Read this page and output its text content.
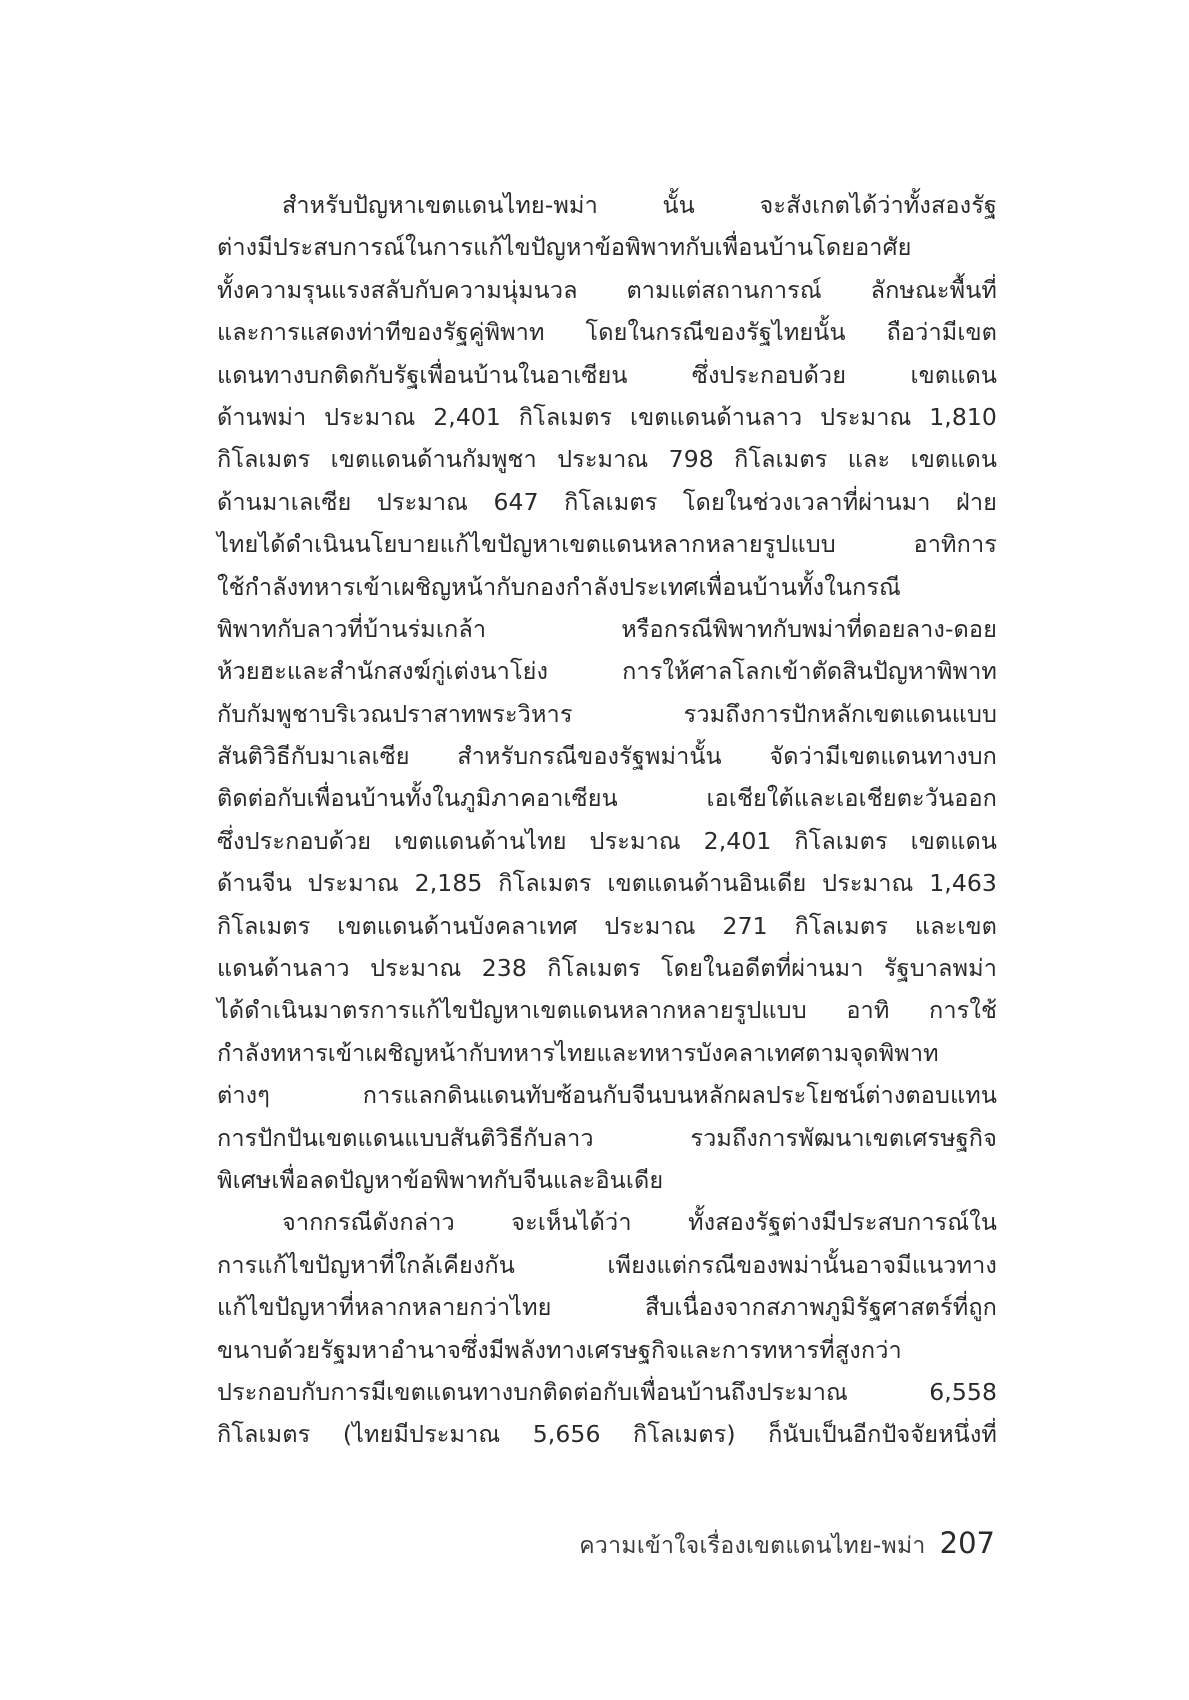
สำหรับปัญหาเขตแดนไทย-พม่า นั้น จะสังเกตได้ว่าทั้งสองรัฐ
ต่างมีประสบการณ์ในการแก้ไขปัญหาข้อพิพาทกับเพื่อนบ้านโดยอาศัย
ทั้งความรุนแรงสลับกับความนุ่มนวล ตามแต่สถานการณ์ ลักษณะพื้นที่
และการแสดงท่าทีของรัฐคู่พิพาท โดยในกรณีของรัฐไทยนั้น ถือว่ามีเขต
แดนทางบกติดกับรัฐเพื่อนบ้านในอาเซียน ซึ่งประกอบด้วย เขตแดน
ด้านพม่า ประมาณ 2,401 กิโลเมตร เขตแดนด้านลาว ประมาณ 1,810
กิโลเมตร เขตแดนด้านกัมพูชา ประมาณ 798 กิโลเมตร และ เขตแดน
ด้านมาเลเซีย ประมาณ 647 กิโลเมตร โดยในช่วงเวลาที่ผ่านมา ฝ่าย
ไทยได้ดำเนินนโยบายแก้ไขปัญหาเขตแดนหลากหลายรูปแบบ อาทิการ
ใช้กำลังทหารเข้าเผชิญหน้ากับกองกำลังประเทศเพื่อนบ้านทั้งในกรณี
พิพาทกับลาวที่บ้านร่มเกล้า หรือกรณีพิพาทกับพม่าที่ดอยลาง-ดอย
ห้วยฮะและสำนักสงฆ์กู่เต่งนาโย่ง การให้ศาลโลกเข้าตัดสินปัญหาพิพาท
กับกัมพูชาบริเวณปราสาทพระวิหาร รวมถึงการปักหลักเขตแดนแบบ
สันติวิธีกับมาเลเซีย สำหรับกรณีของรัฐพม่านั้น จัดว่ามีเขตแดนทางบก
ติดต่อกับเพื่อนบ้านทั้งในภูมิภาคอาเซียน เอเชียใต้และเอเชียตะวันออก
ซึ่งประกอบด้วย เขตแดนด้านไทย ประมาณ 2,401 กิโลเมตร เขตแดน
ด้านจีน ประมาณ 2,185 กิโลเมตร เขตแดนด้านอินเดีย ประมาณ 1,463
กิโลเมตร เขตแดนด้านบังคลาเทศ ประมาณ 271 กิโลเมตร และเขต
แดนด้านลาว ประมาณ 238 กิโลเมตร โดยในอดีตที่ผ่านมา รัฐบาลพม่า
ได้ดำเนินมาตรการแก้ไขปัญหาเขตแดนหลากหลายรูปแบบ อาทิ การใช้
กำลังทหารเข้าเผชิญหน้ากับทหารไทยและทหารบังคลาเทศตามจุดพิพาท
ต่างๆ การแลกดินแดนทับซ้อนกับจีนบนหลักผลประโยชน์ต่างตอบแทน
การปักปันเขตแดนแบบสันติวิธีกับลาว รวมถึงการพัฒนาเขตเศรษฐกิจ
พิเศษเพื่อลดปัญหาข้อพิพาทกับจีนและอินเดีย
จากกรณีดังกล่าว จะเห็นได้ว่า ทั้งสองรัฐต่างมีประสบการณ์ใน
การแก้ไขปัญหาที่ใกล้เคียงกัน เพียงแต่กรณีของพม่านั้นอาจมีแนวทาง
แก้ไขปัญหาที่หลากหลายกว่าไทย สืบเนื่องจากสภาพภูมิรัฐศาสตร์ที่ถูก
ขนาบด้วยรัฐมหาอำนาจซึ่งมีพลังทางเศรษฐกิจและการทหารที่สูงกว่า
ประกอบกับการมีเขตแดนทางบกติดต่อกับเพื่อนบ้านถึงประมาณ 6,558
กิโลเมตร (ไทยมีประมาณ 5,656 กิโลเมตร) ก็นับเป็นอีกปัจจัยหนึ่งที่
ความเข้าใจเรื่องเขตแดนไทย-พม่า 207
